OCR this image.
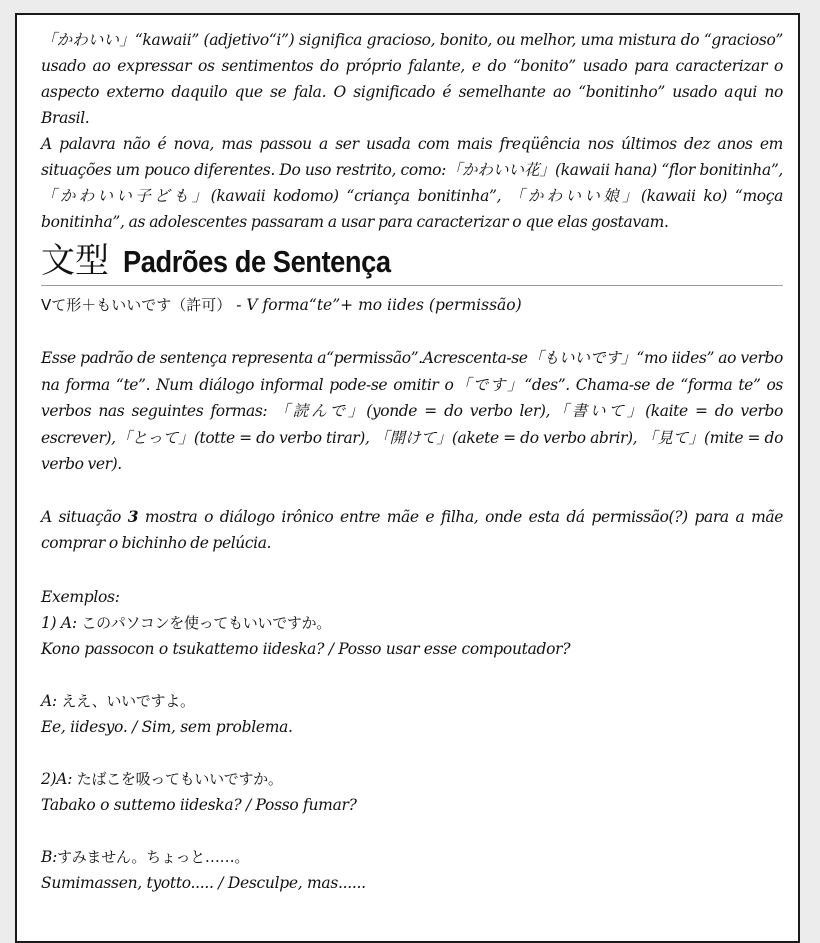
「かわいい」“kawaii” (adjetivo“i”) significa gracioso, bonito, ou melhor, uma mistura do “gracioso” usado ao expressar os sentimentos do próprio falante, e do “bonito” usado para caracterizar o aspecto externo daquilo que se fala. O significado é semelhante ao “bonitinho” usado aqui no Brasil.

A palavra não é nova, mas passou a ser usada com mais freqüência nos últimos dez anos em situações um pouco diferentes. Do uso restrito, como:「かわいい花」(kawaii hana) “flor bonitinha”,「かわいい子ども」(kawaii kodomo) “criança bonitinha”, 「かわいい娘」(kawaii ko) “moça bonitinha”, as adolescentes passaram a usar para caracterizar o que elas gostavam.

文型 Padrões de Sentença
Vて形＋もいいです（許可） - V forma“te”+ mo iides (permissão)

Esse padrão de sentença representa a“permissão”.Acrescenta-se「もいいです」“mo iides” ao verbo na forma “te”. Num diálogo informal pode-se omitir o「です」“des”. Chama-se de “forma te” os verbos nas seguintes formas: 「読んで」(yonde = do verbo ler),「書いて」(kaite = do verbo escrever),「とって」(totte = do verbo tirar), 「開けて」(akete = do verbo abrir), 「見て」(mite = do verbo ver).

A situação 3 mostra o diálogo irônico entre mãe e filha, onde esta dá permissão(?) para a mãe comprar o bichinho de pelúcia.

Exemplos:
1) A: このパソコンを使ってもいいですか。
Kono passocon o tsukattemo iideska? / Posso usar esse compoutador?
A: ええ、いいですよ。
Ee, iidesyo. / Sim, sem problema.
2)A: たばこを吸ってもいいですか。
Tabako o suttemo iideska? / Posso fumar?
B:すみません。ちょっと……。
Sumimassen, tyotto..... / Desculpe, mas......
